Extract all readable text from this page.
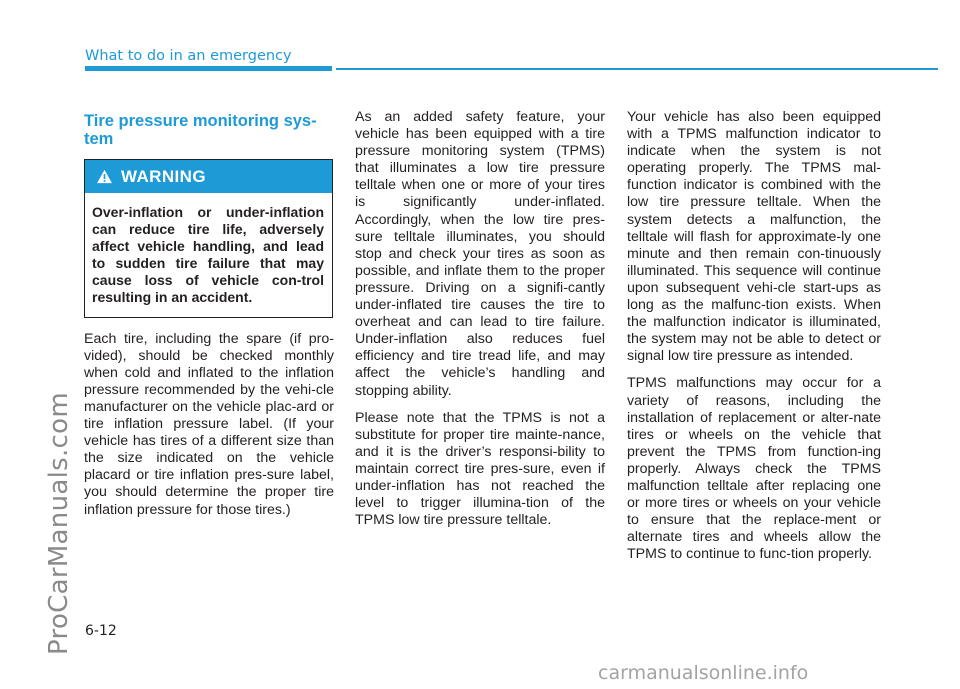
ProCarManuals.com
What to do in an emergency
Tire pressure monitoring sys-
tem
WARNING
Over-inflation or under-inflation can reduce tire life, adversely affect vehicle handling, and lead to sudden tire failure that may cause loss of vehicle con-trol resulting in an accident.

Each tire, including the spare (if pro-vided), should be checked monthly when cold and inflated to the inflation pressure recommended by the vehi-cle manufacturer on the vehicle plac-ard or tire inflation pressure label. (If your vehicle has tires of a different size than the size indicated on the vehicle placard or tire inflation pres-sure label, you should determine the proper tire inflation pressure for those tires.)

As an added safety feature, your vehicle has been equipped with a tire pressure monitoring system (TPMS) that illuminates a low tire pressure telltale when one or more of your tires is significantly under-inflated. Accordingly, when the low tire pres-sure telltale illuminates, you should stop and check your tires as soon as possible, and inflate them to the proper pressure. Driving on a signifi-cantly under-inflated tire causes the tire to overheat and can lead to tire failure. Under-inflation also reduces fuel efficiency and tire tread life, and may affect the vehicle’s handling and stopping ability.

Please note that the TPMS is not a substitute for proper tire mainte-nance, and it is the driver’s responsi-bility to maintain correct tire pres-sure, even if under-inflation has not reached the level to trigger illumina-tion of the TPMS low tire pressure telltale.

Your vehicle has also been equipped with a TPMS malfunction indicator to indicate when the system is not operating properly. The TPMS mal-function indicator is combined with the low tire pressure telltale. When the system detects a malfunction, the telltale will flash for approximate-ly one minute and then remain con-tinuously illuminated. This sequence will continue upon subsequent vehi-cle start-ups as long as the malfunc-tion exists. When the malfunction indicator is illuminated, the system may not be able to detect or signal low tire pressure as intended.

TPMS malfunctions may occur for a variety of reasons, including the installation of replacement or alter-nate tires or wheels on the vehicle that prevent the TPMS from function-ing properly. Always check the TPMS malfunction telltale after replacing one or more tires or wheels on your vehicle to ensure that the replace-ment or alternate tires and wheels allow the TPMS to continue to func-tion properly.

6-12
carmanualsonline.info
